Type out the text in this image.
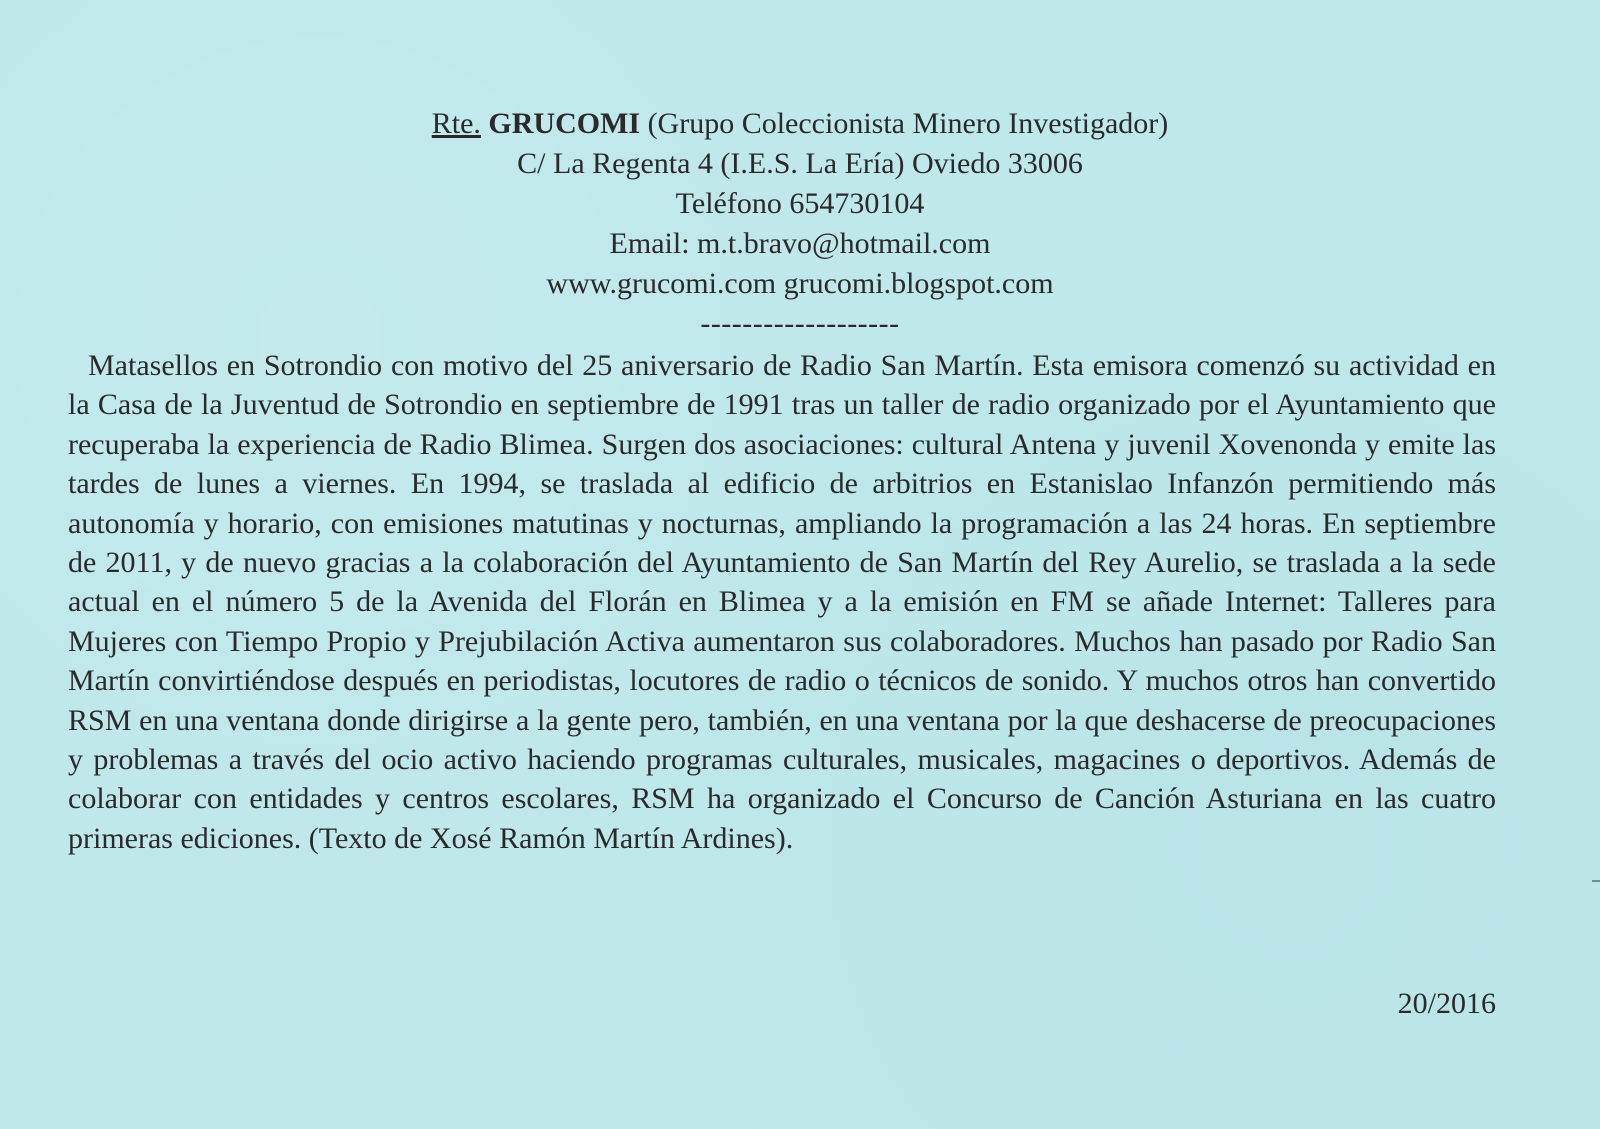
Rte. GRUCOMI (Grupo Coleccionista Minero Investigador)
C/ La Regenta 4 (I.E.S. La Ería) Oviedo 33006
Teléfono 654730104
Email: m.t.bravo@hotmail.com
www.grucomi.com grucomi.blogspot.com
-------------------

Matasellos en Sotrondio con motivo del 25 aniversario de Radio San Martín. Esta emisora comenzó su actividad en la Casa de la Juventud de Sotrondio en septiembre de 1991 tras un taller de radio organizado por el Ayuntamiento que recuperaba la experiencia de Radio Blimea. Surgen dos asociaciones: cultural Antena y juvenil Xovenonda y emite las tardes de lunes a viernes. En 1994, se traslada al edificio de arbitrios en Estanislao Infanzón permitiendo más autonomía y horario, con emisiones matutinas y nocturnas, ampliando la programación a las 24 horas. En septiembre de 2011, y de nuevo gracias a la colaboración del Ayuntamiento de San Martín del Rey Aurelio, se traslada a la sede actual en el número 5 de la Avenida del Florán en Blimea y a la emisión en FM se añade Internet: Talleres para Mujeres con Tiempo Propio y Prejubilación Activa aumentaron sus colaboradores. Muchos han pasado por Radio San Martín convirtiéndose después en periodistas, locutores de radio o técnicos de sonido. Y muchos otros han convertido RSM en una ventana donde dirigirse a la gente pero, también, en una ventana por la que deshacerse de preocupaciones y problemas a través del ocio activo haciendo programas culturales, musicales, magacines o deportivos. Además de colaborar con entidades y centros escolares, RSM ha organizado el Concurso de Canción Asturiana en las cuatro primeras ediciones. (Texto de Xosé Ramón Martín Ardines).

20/2016
